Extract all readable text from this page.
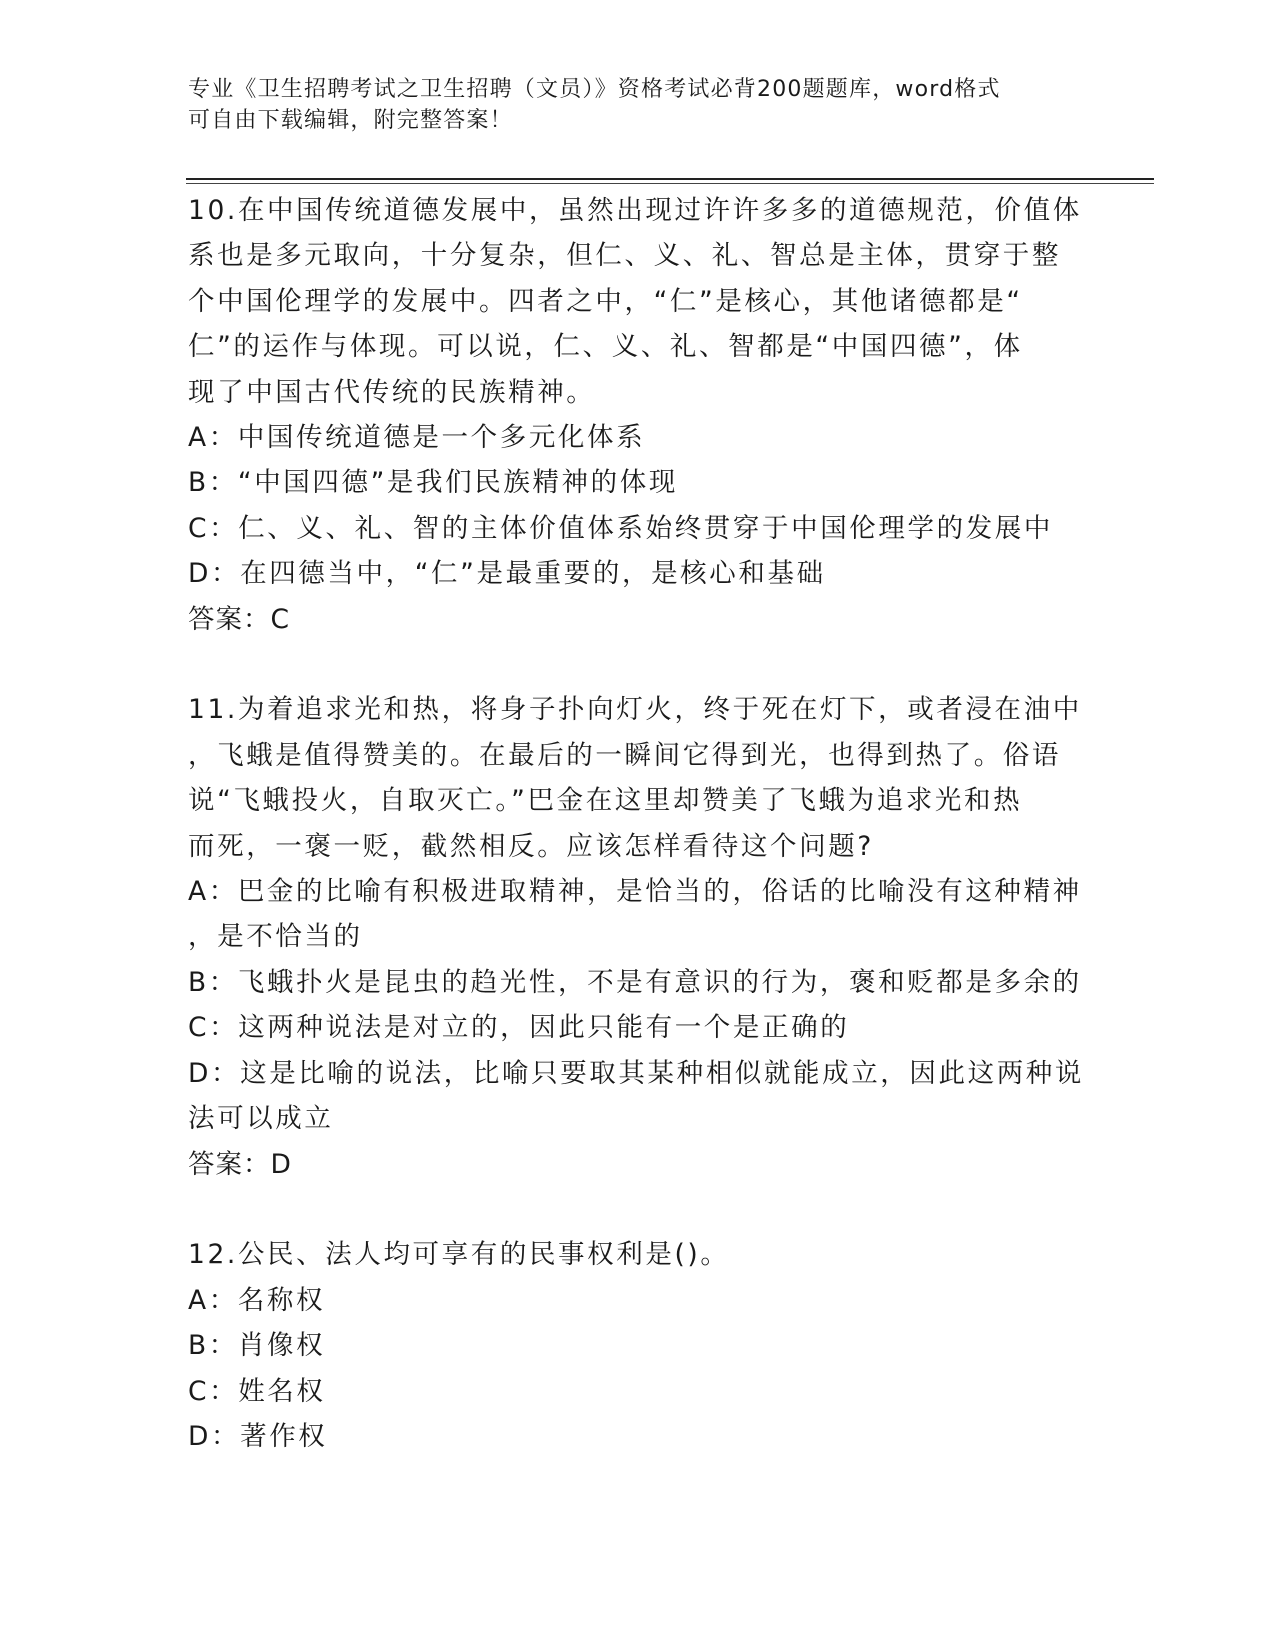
专业《卫生招聘考试之卫生招聘（文员）》资格考试必背200题题库，word格式
可自由下载编辑，附完整答案！
10.在中国传统道德发展中，虽然出现过许许多多的道德规范，价值体
系也是多元取向，十分复杂，但仁、义、礼、智总是主体，贯穿于整
个中国伦理学的发展中。四者之中，“仁”是核心，其他诸德都是“
仁”的运作与体现。可以说，仁、义、礼、智都是“中国四德”，体
现了中国古代传统的民族精神。
A：中国传统道德是一个多元化体系
B：“中国四德”是我们民族精神的体现
C：仁、义、礼、智的主体价值体系始终贯穿于中国伦理学的发展中
D：在四德当中，“仁”是最重要的，是核心和基础
答案：C
11.为着追求光和热，将身子扑向灯火，终于死在灯下，或者浸在油中
，飞蛾是值得赞美的。在最后的一瞬间它得到光，也得到热了。俗语
说“飞蛾投火，自取灭亡。”巴金在这里却赞美了飞蛾为追求光和热
而死，一褒一贬，截然相反。应该怎样看待这个问题?
A：巴金的比喻有积极进取精神，是恰当的，俗话的比喻没有这种精神
，是不恰当的
B：飞蛾扑火是昆虫的趋光性，不是有意识的行为，褒和贬都是多余的
C：这两种说法是对立的，因此只能有一个是正确的
D：这是比喻的说法，比喻只要取其某种相似就能成立，因此这两种说
法可以成立
答案：D
12.公民、法人均可享有的民事权利是()。
A：名称权
B：肖像权
C：姓名权
D：著作权
